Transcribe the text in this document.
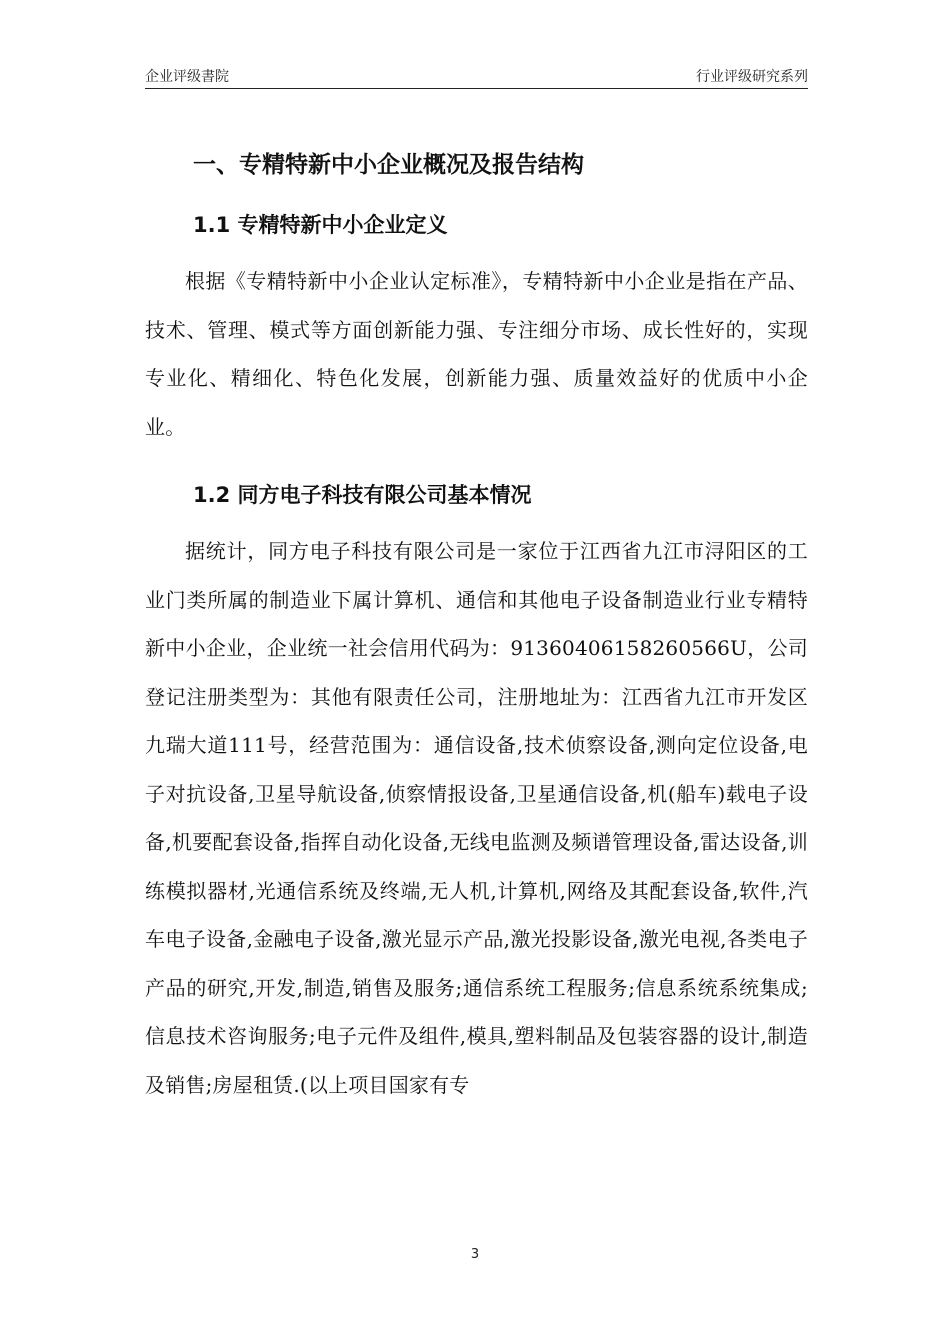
企业评级書院	行业评级研究系列
一、专精特新中小企业概况及报告结构
1.1 专精特新中小企业定义

根据《专精特新中小企业认定标准》，专精特新中小企业是指在产品、技术、管理、模式等方面创新能力强、专注细分市场、成长性好的，实现专业化、精细化、特色化发展，创新能力强、质量效益好的优质中小企业。

1.2 同方电子科技有限公司基本情况

据统计，同方电子科技有限公司是一家位于江西省九江市浔阳区的工业门类所属的制造业下属计算机、通信和其他电子设备制造业行业专精特新中小企业，企业统一社会信用代码为：91360406158260566U，公司登记注册类型为：其他有限责任公司，注册地址为：江西省九江市开发区九瑞大道111号，经营范围为：通信设备,技术侦察设备,测向定位设备,电子对抗设备,卫星导航设备,侦察情报设备,卫星通信设备,机(船车)载电子设备,机要配套设备,指挥自动化设备,无线电监测及频谱管理设备,雷达设备,训练模拟器材,光通信系统及终端,无人机,计算机,网络及其配套设备,软件,汽车电子设备,金融电子设备,激光显示产品,激光投影设备,激光电视,各类电子产品的研究,开发,制造,销售及服务;通信系统工程服务;信息系统系统集成;信息技术咨询服务;电子元件及组件,模具,塑料制品及包装容器的设计,制造及销售;房屋租赁.(以上项目国家有专

3
